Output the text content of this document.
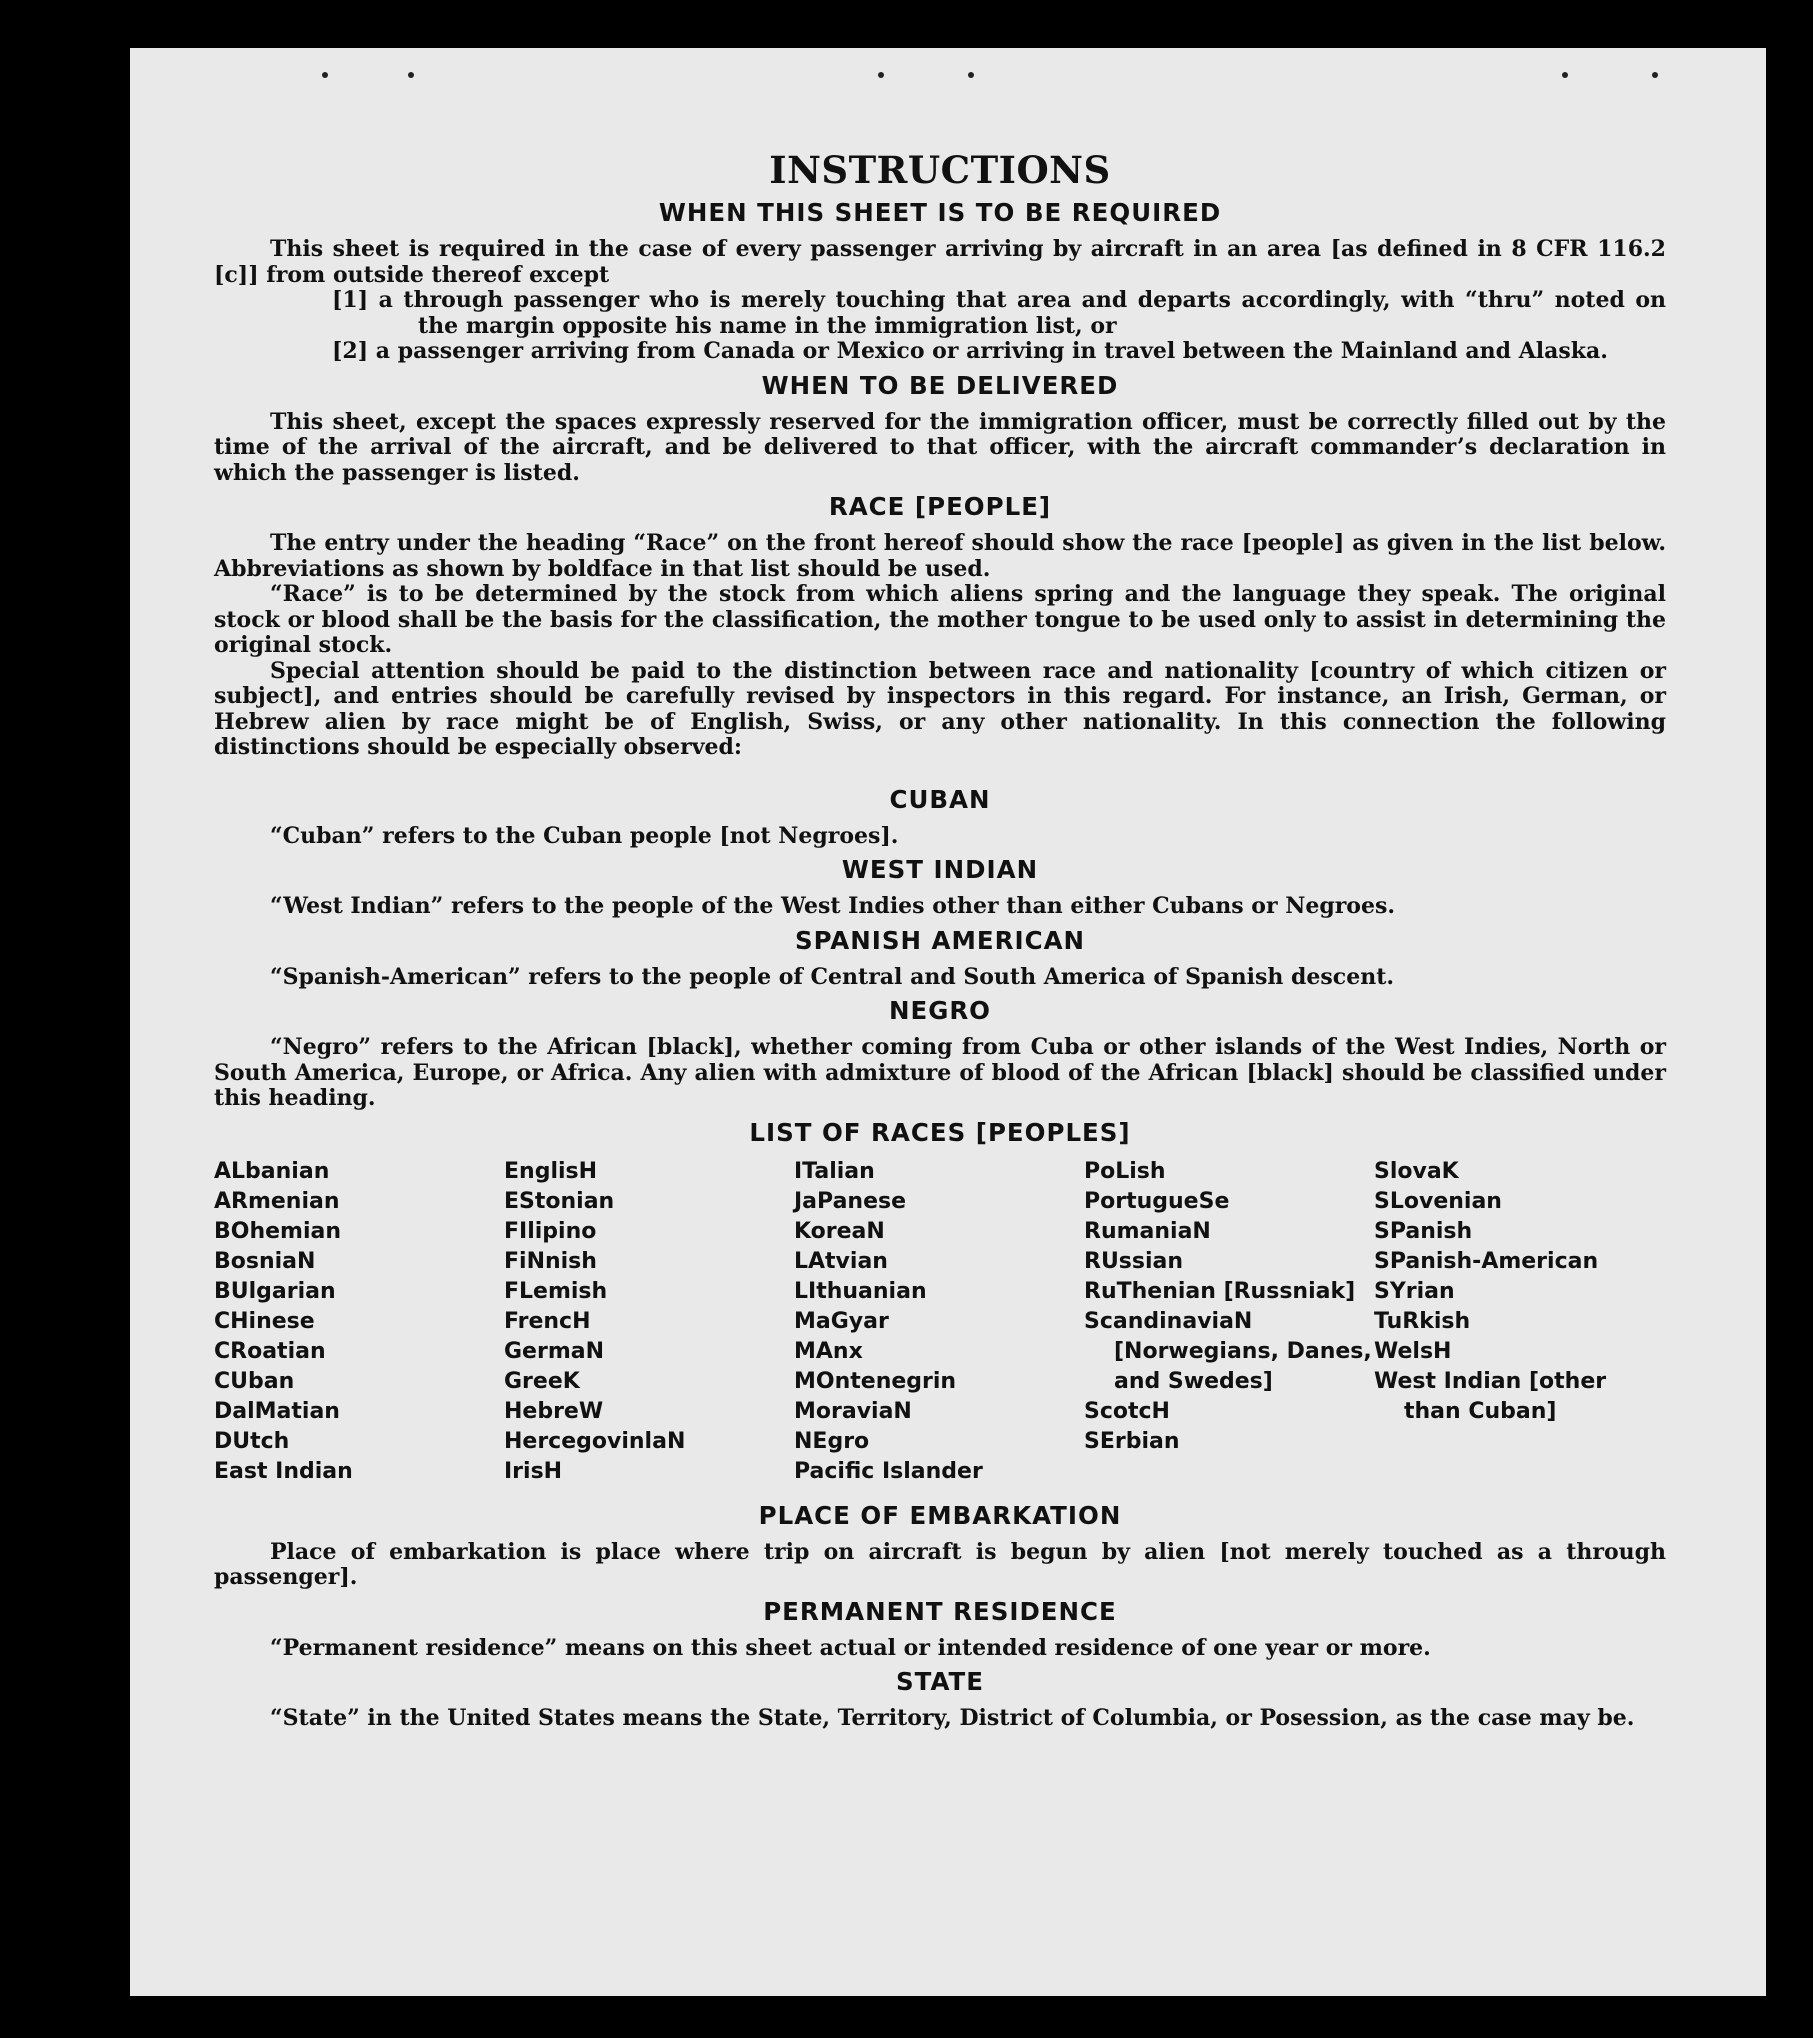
INSTRUCTIONS
WHEN THIS SHEET IS TO BE REQUIRED

This sheet is required in the case of every passenger arriving by aircraft in an area [as defined in 8 CFR 116.2 [c]] from outside thereof except

[1] a through passenger who is merely touching that area and departs accordingly, with “thru” noted on the margin opposite his name in the immigration list, or
[2] a passenger arriving from Canada or Mexico or arriving in travel between the Mainland and Alaska.
WHEN TO BE DELIVERED

This sheet, except the spaces expressly reserved for the immigration officer, must be correctly filled out by the time of the arrival of the aircraft, and be delivered to that officer, with the aircraft commander’s declaration in which the passenger is listed.

RACE [PEOPLE]

The entry under the heading “Race” on the front hereof should show the race [people] as given in the list below. Abbreviations as shown by boldface in that list should be used.

“Race” is to be determined by the stock from which aliens spring and the language they speak. The original stock or blood shall be the basis for the classification, the mother tongue to be used only to assist in determining the original stock.

Special attention should be paid to the distinction between race and nationality [country of which citizen or subject], and entries should be carefully revised by inspectors in this regard. For instance, an Irish, German, or Hebrew alien by race might be of English, Swiss, or any other nationality. In this connection the following distinctions should be especially observed:

CUBAN

“Cuban” refers to the Cuban people [not Negroes].

WEST INDIAN

“West Indian” refers to the people of the West Indies other than either Cubans or Negroes.

SPANISH AMERICAN

“Spanish-American” refers to the people of Central and South America of Spanish descent.

NEGRO

“Negro” refers to the African [black], whether coming from Cuba or other islands of the West Indies, North or South America, Europe, or Africa. Any alien with admixture of blood of the African [black] should be classified under this heading.

LIST OF RACES [PEOPLES]
ALbanian
ARmenian
BOhemian
BosniaN
BUlgarian
CHinese
CRoatian
CUban
DalMatian
DUtch
East Indian
EnglisH
EStonian
FIlipino
FiNnish
FLemish
FrencH
GermaN
GreeK
HebreW
HercegovinlaN
IrisH
ITalian
JaPanese
KoreaN
LAtvian
LIthuanian
MaGyar
MAnx
MOntenegrin
MoraviaN
NEgro
Pacific Islander
PoLish
PortugueSe
RumaniaN
RUssian
RuThenian [Russniak]
ScandinaviaN [Norwegians, Danes, and Swedes]
ScotcH
SErbian
SlovaK
SLovenian
SPanish
SPanish-American
SYrian
TuRkish
WelsH
West Indian [other than Cuban]
PLACE OF EMBARKATION

Place of embarkation is place where trip on aircraft is begun by alien [not merely touched as a through passenger].

PERMANENT RESIDENCE

“Permanent residence” means on this sheet actual or intended residence of one year or more.

STATE

“State” in the United States means the State, Territory, District of Columbia, or Posession, as the case may be.
